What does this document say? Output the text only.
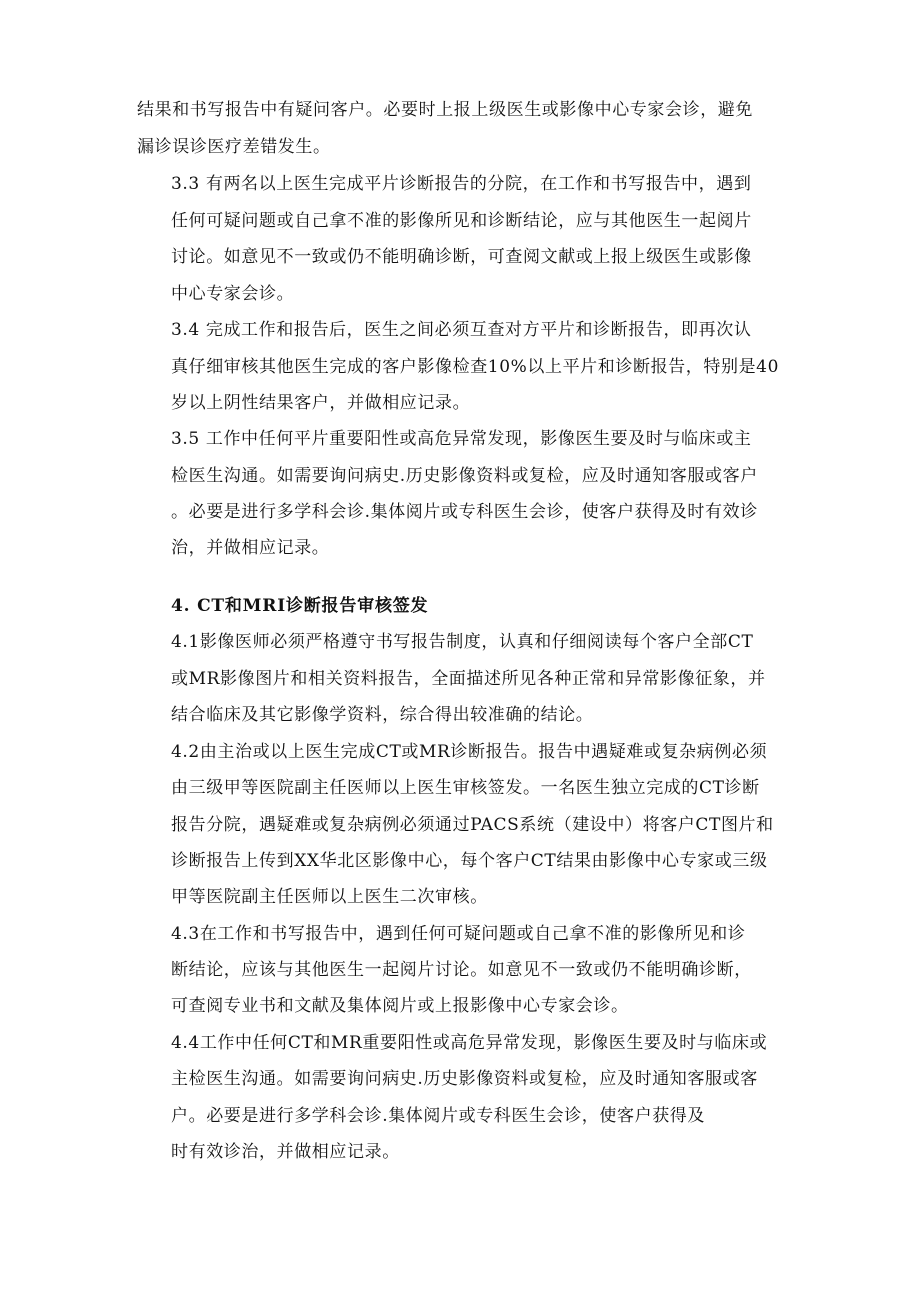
结果和书写报告中有疑问客户。必要时上报上级医生或影像中心专家会诊，避免
漏诊误诊医疗差错发生。
3.3 有两名以上医生完成平片诊断报告的分院，在工作和书写报告中，遇到
任何可疑问题或自己拿不准的影像所见和诊断结论，应与其他医生一起阅片
讨论。如意见不一致或仍不能明确诊断，可查阅文献或上报上级医生或影像
中心专家会诊。
3.4 完成工作和报告后，医生之间必须互查对方平片和诊断报告，即再次认
真仔细审核其他医生完成的客户影像检查10%以上平片和诊断报告，特别是40
岁以上阴性结果客户，并做相应记录。
3.5 工作中任何平片重要阳性或高危异常发现，影像医生要及时与临床或主
检医生沟通。如需要询问病史.历史影像资料或复检，应及时通知客服或客户
。必要是进行多学科会诊.集体阅片或专科医生会诊，使客户获得及时有效诊
治，并做相应记录。
4. CT和MRI诊断报告审核签发
4.1影像医师必须严格遵守书写报告制度，认真和仔细阅读每个客户全部CT
或MR影像图片和相关资料报告，全面描述所见各种正常和异常影像征象，并
结合临床及其它影像学资料，综合得出较准确的结论。
4.2由主治或以上医生完成CT或MR诊断报告。报告中遇疑难或复杂病例必须
由三级甲等医院副主任医师以上医生审核签发。一名医生独立完成的CT诊断
报告分院，遇疑难或复杂病例必须通过PACS系统（建设中）将客户CT图片和
诊断报告上传到XX华北区影像中心，每个客户CT结果由影像中心专家或三级
甲等医院副主任医师以上医生二次审核。
4.3在工作和书写报告中，遇到任何可疑问题或自己拿不准的影像所见和诊
断结论，应该与其他医生一起阅片讨论。如意见不一致或仍不能明确诊断，
可查阅专业书和文献及集体阅片或上报影像中心专家会诊。
4.4工作中任何CT和MR重要阳性或高危异常发现，影像医生要及时与临床或
主检医生沟通。如需要询问病史.历史影像资料或复检，应及时通知客服或客
户。必要是进行多学科会诊.集体阅片或专科医生会诊，使客户获得及
时有效诊治，并做相应记录。
